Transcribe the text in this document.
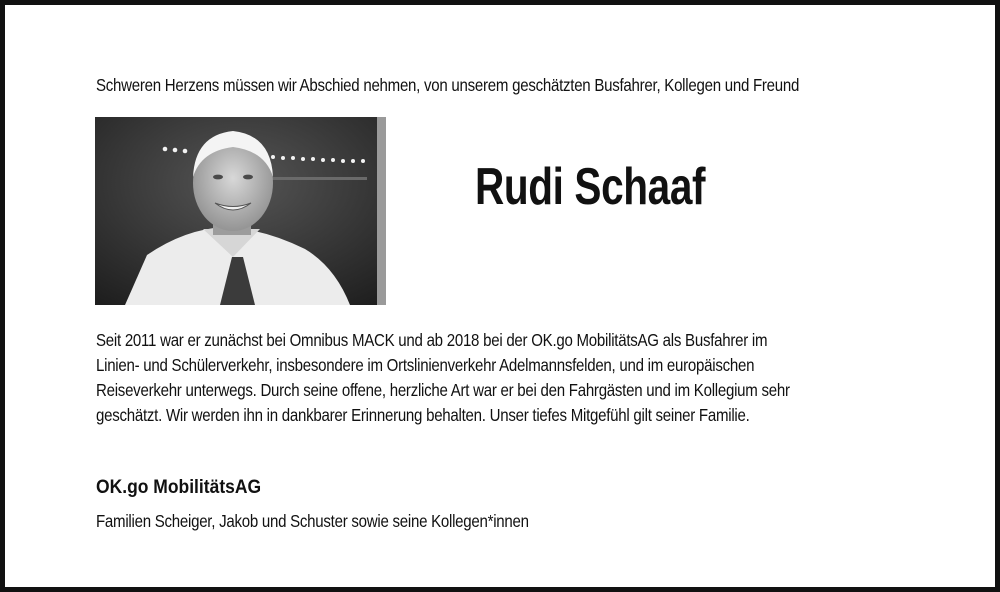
Schweren Herzens müssen wir Abschied nehmen, von unserem geschätzten Busfahrer, Kollegen und Freund
Rudi Schaaf
Seit 2011 war er zunächst bei Omnibus MACK und ab 2018 bei der OK.go MobilitätsAG als Busfahrer im
Linien- und Schülerverkehr, insbesondere im Ortslinienverkehr Adelmannsfelden, und im europäischen
Reiseverkehr unterwegs. Durch seine offene, herzliche Art war er bei den Fahrgästen und im Kollegium sehr
geschätzt. Wir werden ihn in dankbarer Erinnerung behalten. Unser tiefes Mitgefühl gilt seiner Familie.
OK.go MobilitätsAG
Familien Scheiger, Jakob und Schuster sowie seine Kollegen*innen
